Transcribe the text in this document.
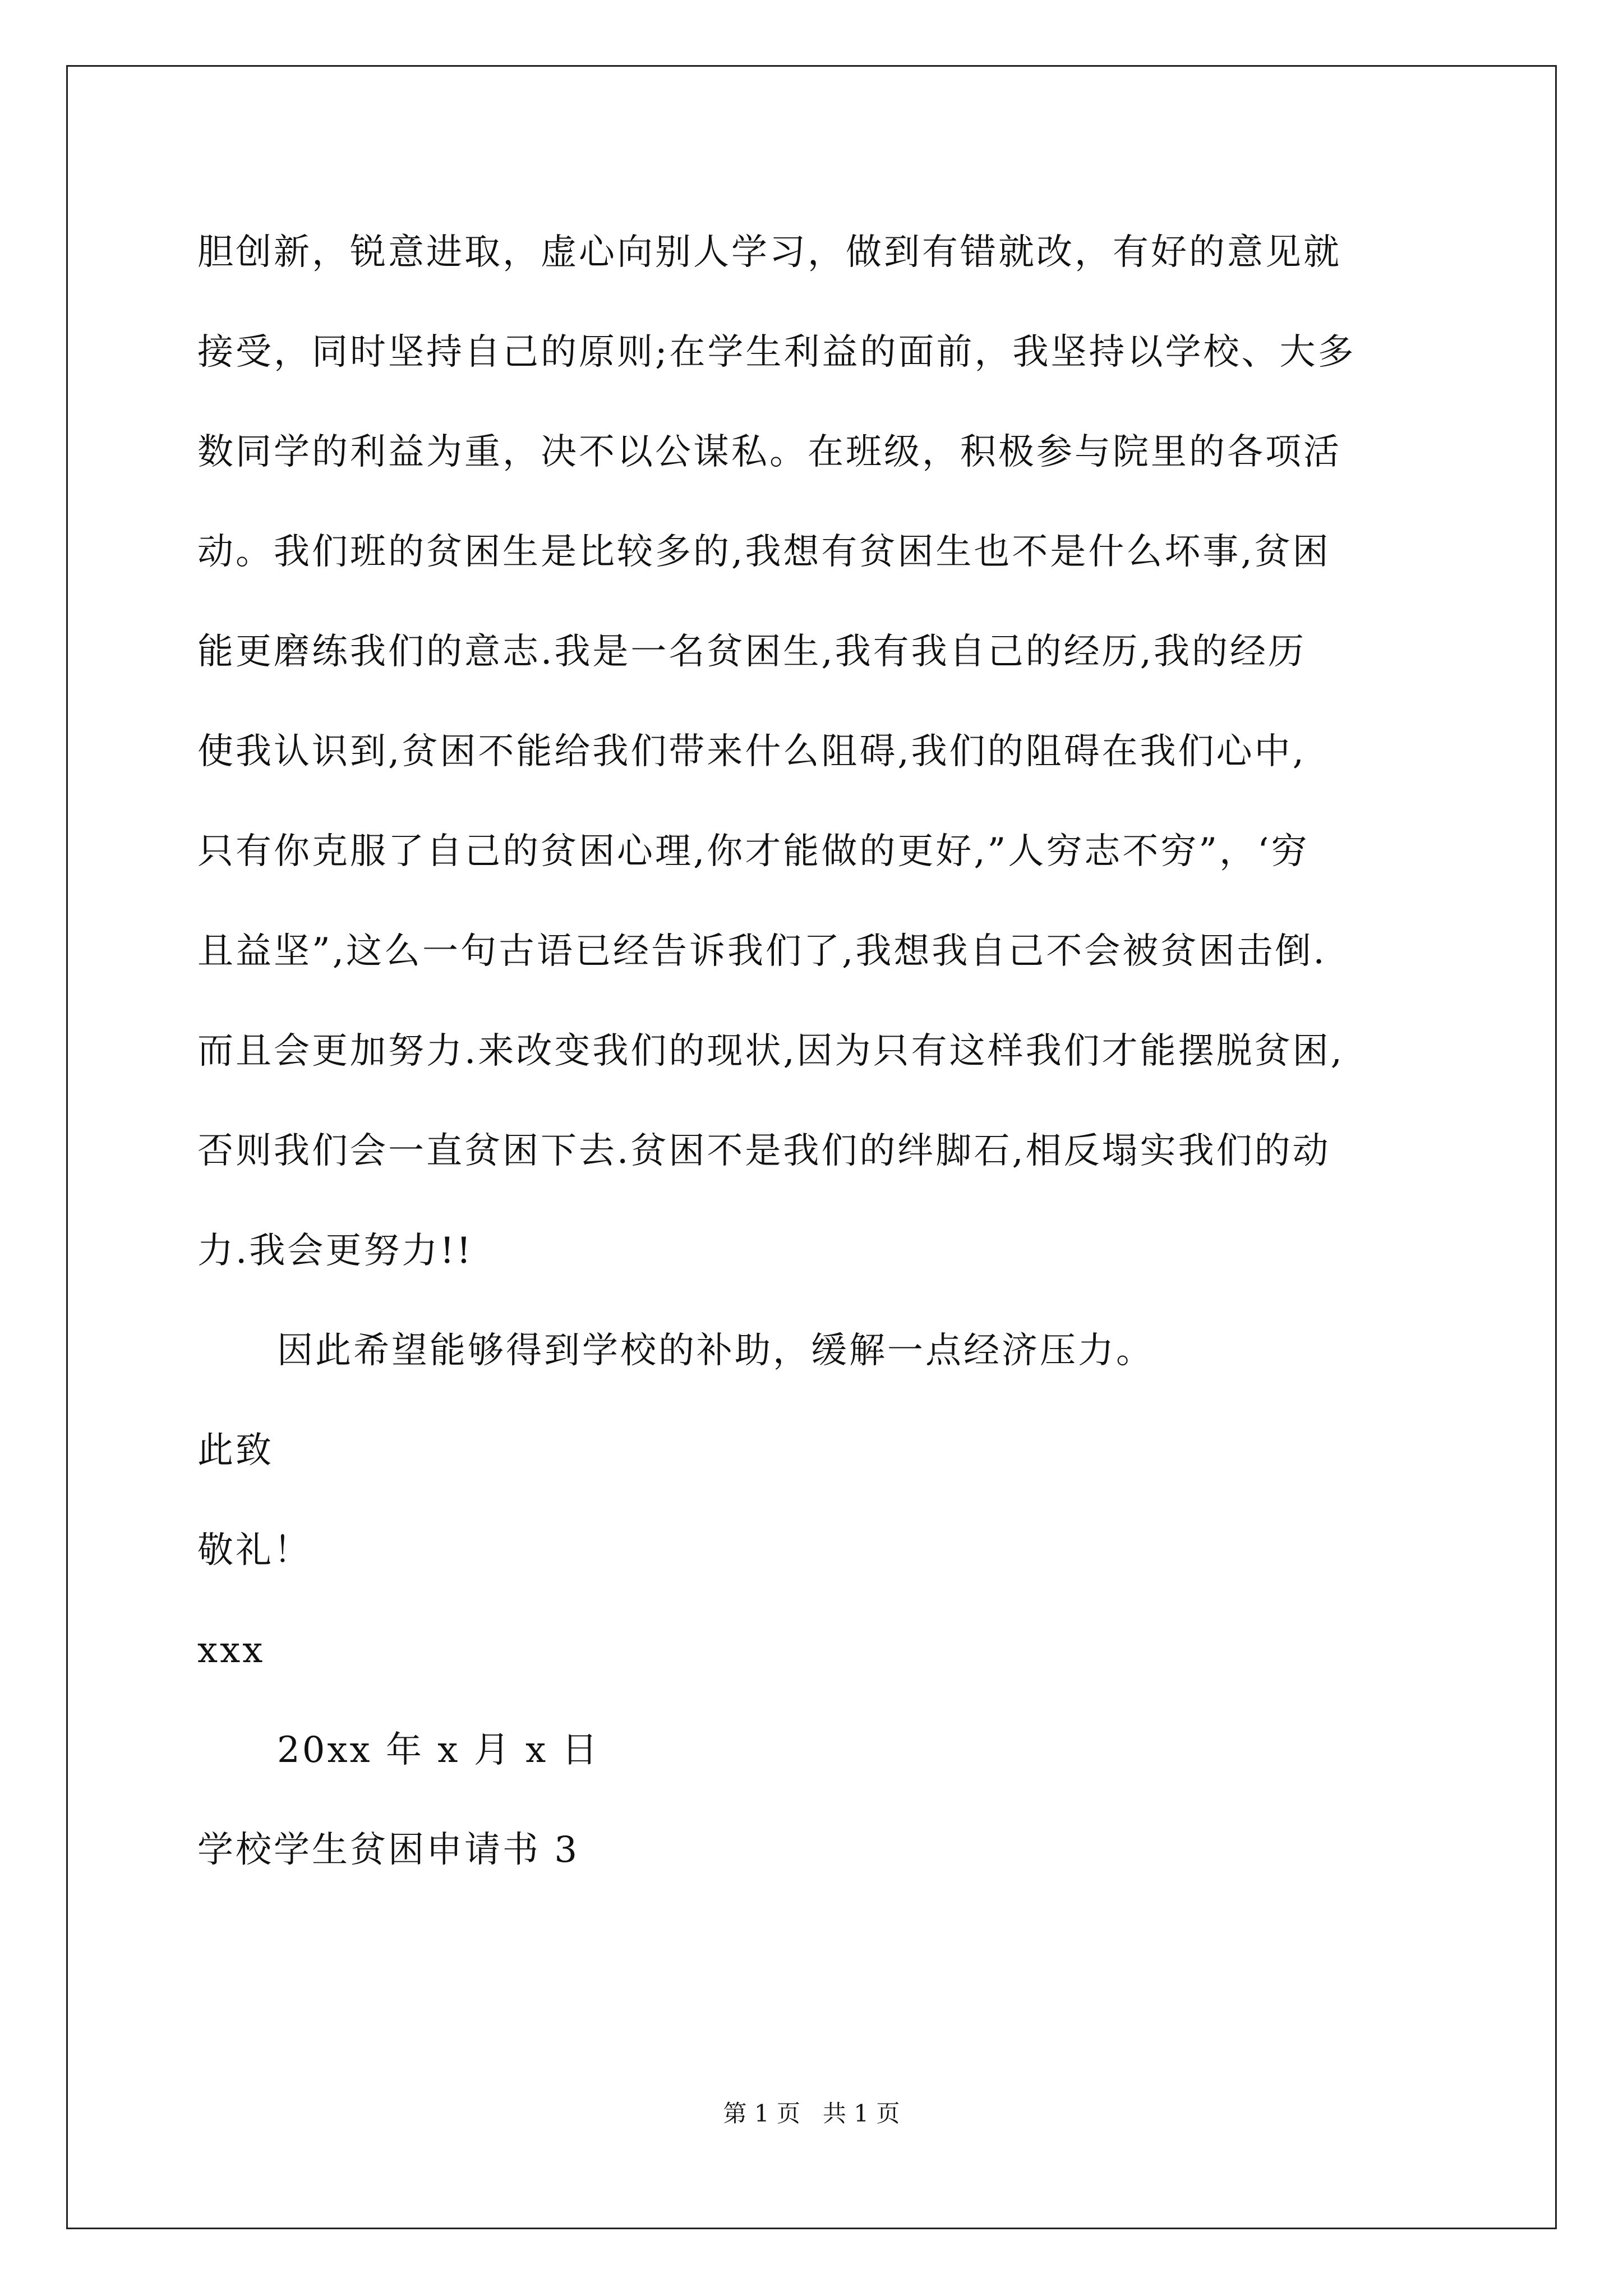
胆创新，锐意进取，虚心向别人学习，做到有错就改，有好的意见就
接受，同时坚持自己的原则;在学生利益的面前，我坚持以学校、大多
数同学的利益为重，决不以公谋私。在班级，积极参与院里的各项活
动。我们班的贫困生是比较多的,我想有贫困生也不是什么坏事,贫困
能更磨练我们的意志.我是一名贫困生,我有我自己的经历,我的经历
使我认识到,贫困不能给我们带来什么阻碍,我们的阻碍在我们心中,
只有你克服了自己的贫困心理,你才能做的更好,”人穷志不穷”，‘穷
且益坚”,这么一句古语已经告诉我们了,我想我自己不会被贫困击倒.
而且会更加努力.来改变我们的现状,因为只有这样我们才能摆脱贫困,
否则我们会一直贫困下去.贫困不是我们的绊脚石,相反塌实我们的动
力.我会更努力!!
因此希望能够得到学校的补助，缓解一点经济压力。
此致
敬礼！
xxx
20xx 年 x 月 x 日
学校学生贫困申请书 3
第 1 页   共 1 页
